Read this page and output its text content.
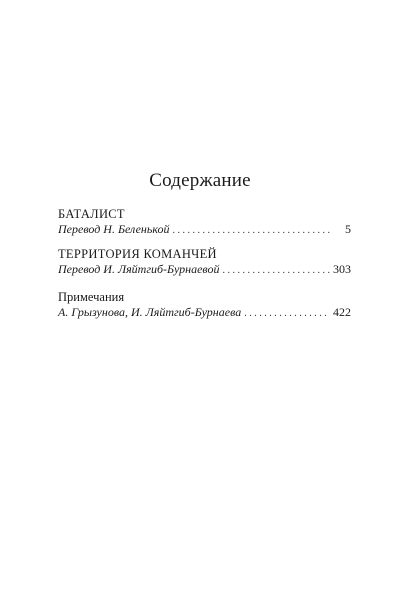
Содержание
БАТАЛИСТ
Перевод Н. Беленькой . . .	5
ТЕРРИТОРИЯ КОМАНЧЕЙ
Перевод И. Ляйтгиб-Бурнаевой . . .	303
Примечания
А. Грызунова, И. Ляйтгиб-Бурнаева . . .	422
